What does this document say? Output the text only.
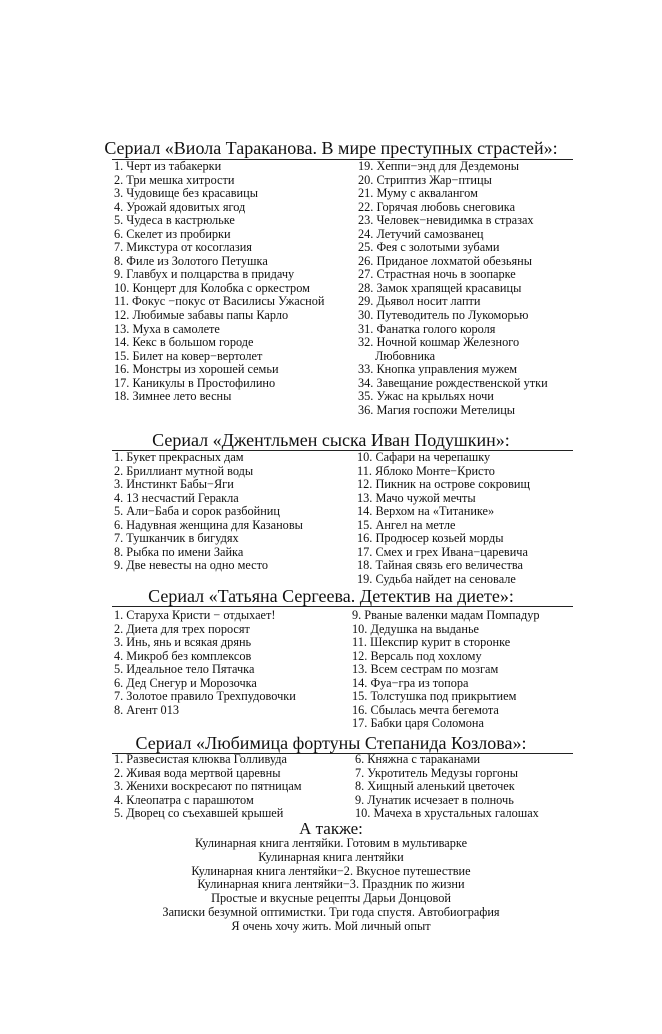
Сериал «Виола Тараканова. В мире преступных страстей»:
1. Черт из табакерки
2. Три мешка хитрости
3. Чудовище без красавицы
4. Урожай ядовитых ягод
5. Чудеса в кастрюльке
6. Скелет из пробирки
7. Микстура от косоглазия
8. Филе из Золотого Петушка
9. Главбух и полцарства в придачу
10. Концерт для Колобка с оркестром
11. Фокус −покус от Василисы Ужасной
12. Любимые забавы папы Карло
13. Муха в самолете
14. Кекс в большом городе
15. Билет на ковер−вертолет
16. Монстры из хорошей семьи
17. Каникулы в Простофилино
18. Зимнее лето весны
19. Хеппи−энд для Дездемоны
20. Стриптиз Жар−птицы
21. Муму с аквалангом
22. Горячая любовь снеговика
23. Человек−невидимка в стразах
24. Летучий самозванец
25. Фея с золотыми зубами
26. Приданое лохматой обезьяны
27. Страстная ночь в зоопарке
28. Замок храпящей красавицы
29. Дьявол носит лапти
30. Путеводитель по Лукоморью
31. Фанатка голого короля
32. Ночной кошмар Железного
Любовника
33. Кнопка управления мужем
34. Завещание рождественской утки
35. Ужас на крыльях ночи
36. Магия госпожи Метелицы
Сериал «Джентльмен сыска Иван Подушкин»:
1. Букет прекрасных дам
2. Бриллиант мутной воды
3. Инстинкт Бабы−Яги
4. 13 несчастий Геракла
5. Али−Баба и сорок разбойниц
6. Надувная женщина для Казановы
7. Тушканчик в бигудях
8. Рыбка по имени Зайка
9. Две невесты на одно место
10. Сафари на черепашку
11. Яблоко Монте−Кристо
12. Пикник на острове сокровищ
13. Мачо чужой мечты
14. Верхом на «Титанике»
15. Ангел на метле
16. Продюсер козьей морды
17. Смех и грех Ивана−царевича
18. Тайная связь его величества
19. Судьба найдет на сеновале
Сериал «Татьяна Сергеева. Детектив на диете»:
1. Старуха Кристи − отдыхает!
2. Диета для трех поросят
3. Инь, янь и всякая дрянь
4. Микроб без комплексов
5. Идеальное тело Пятачка
6. Дед Снегур и Морозочка
7. Золотое правило Трехпудовочки
8. Агент 013
9. Рваные валенки мадам Помпадур
10. Дедушка на выданье
11. Шекспир курит в сторонке
12. Версаль под хохлому
13. Всем сестрам по мозгам
14. Фуа−гра из топора
15. Толстушка под прикрытием
16. Сбылась мечта бегемота
17. Бабки царя Соломона
Сериал «Любимица фортуны Степанида Козлова»:
1. Развесистая клюква Голливуда
2. Живая вода мертвой царевны
3. Женихи воскресают по пятницам
4. Клеопатра с парашютом
5. Дворец со съехавшей крышей
6. Княжна с тараканами
7. Укротитель Медузы горгоны
8. Хищный аленький цветочек
9. Лунатик исчезает в полночь
10. Мачеха в хрустальных галошах
А также:
Кулинарная книга лентяйки. Готовим в мультиварке
Кулинарная книга лентяйки
Кулинарная книга лентяйки−2. Вкусное путешествие
Кулинарная книга лентяйки−3. Праздник по жизни
Простые и вкусные рецепты Дарьи Донцовой
Записки безумной оптимистки. Три года спустя. Автобиография
Я очень хочу жить. Мой личный опыт
